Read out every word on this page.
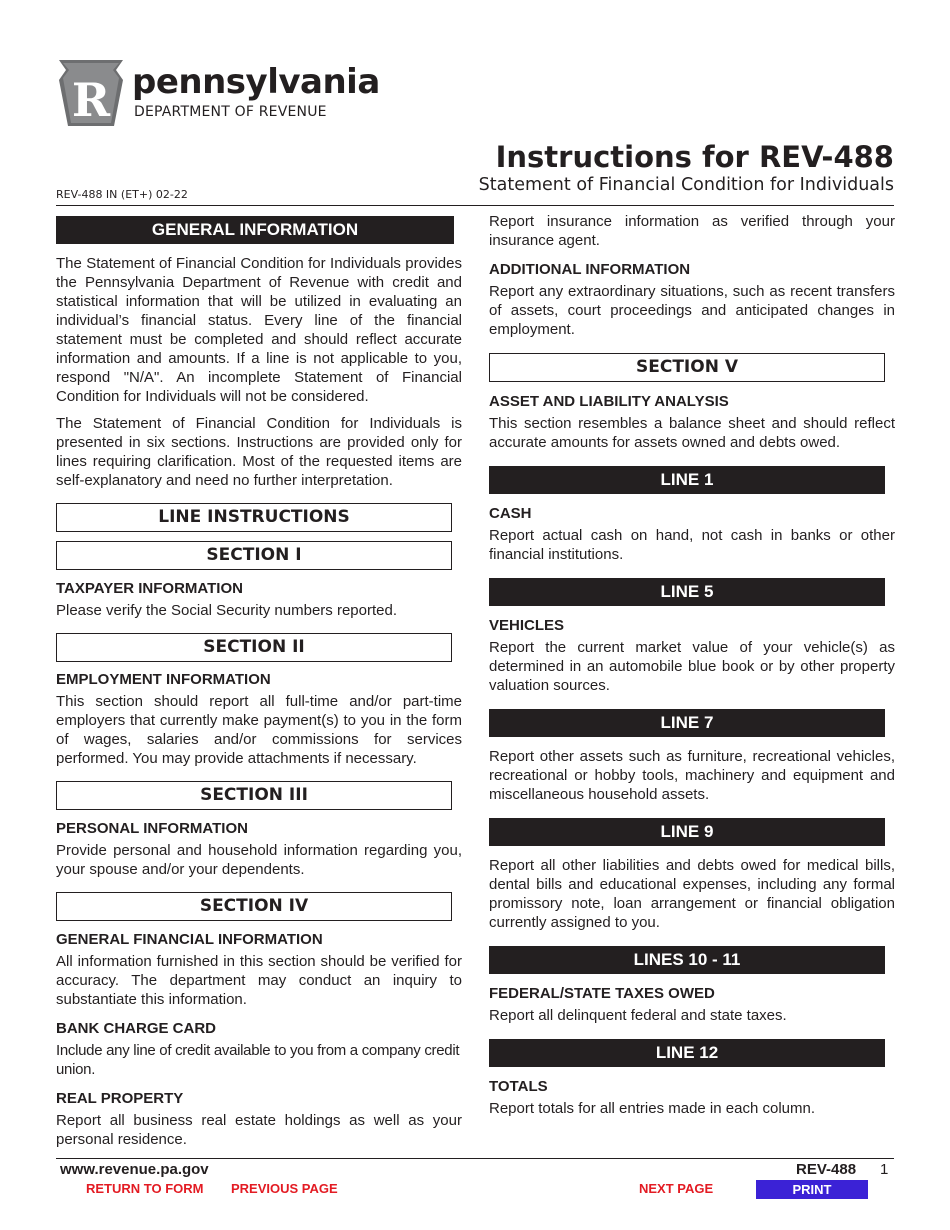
R pennsylvania
DEPARTMENT OF REVENUE
Instructions for REV-488
Statement of Financial Condition for Individuals
REV-488 IN (ET+) 02-22
GENERAL INFORMATION

The Statement of Financial Condition for Individuals provides the Pennsylvania Department of Revenue with credit and statistical information that will be utilized in evaluating an individual’s financial status. Every line of the financial statement must be completed and should reflect accurate information and amounts. If a line is not applicable to you, respond "N/A". An incomplete Statement of Financial Condition for Individuals will not be considered.

The Statement of Financial Condition for Individuals is presented in six sections. Instructions are provided only for lines requiring clarification. Most of the requested items are self-explanatory and need no further interpretation.

LINE INSTRUCTIONS
SECTION I
TAXPAYER INFORMATION

Please verify the Social Security numbers reported.

SECTION II
EMPLOYMENT INFORMATION

This section should report all full-time and/or part-time employers that currently make payment(s) to you in the form of wages, salaries and/or commissions for services performed. You may provide attachments if necessary.

SECTION III
PERSONAL INFORMATION

Provide personal and household information regarding you, your spouse and/or your dependents.

SECTION IV
GENERAL FINANCIAL INFORMATION

All information furnished in this section should be verified for accuracy. The department may conduct an inquiry to substantiate this information.

BANK CHARGE CARD

Include any line of credit available to you from a company credit union.

REAL PROPERTY

Report all business real estate holdings as well as your personal residence.

Report insurance information as verified through your insurance agent.

ADDITIONAL INFORMATION

Report any extraordinary situations, such as recent transfers of assets, court proceedings and anticipated changes in employment.

SECTION V
ASSET AND LIABILITY ANALYSIS

This section resembles a balance sheet and should reflect accurate amounts for assets owned and debts owed.

LINE 1
CASH

Report actual cash on hand, not cash in banks or other financial institutions.

LINE 5
VEHICLES

Report the current market value of your vehicle(s) as determined in an automobile blue book or by other property valuation sources.

LINE 7

Report other assets such as furniture, recreational vehicles, recreational or hobby tools, machinery and equipment and miscellaneous household assets.

LINE 9

Report all other liabilities and debts owed for medical bills, dental bills and educational expenses, including any formal promissory note, loan arrangement or financial obligation currently assigned to you.

LINES 10 - 11
FEDERAL/STATE TAXES OWED

Report all delinquent federal and state taxes.

LINE 12
TOTALS

Report totals for all entries made in each column.

www.revenue.pa.gov	REV-488 1
RETURN TO FORM PREVIOUS PAGE	NEXT PAGE	PRINT
